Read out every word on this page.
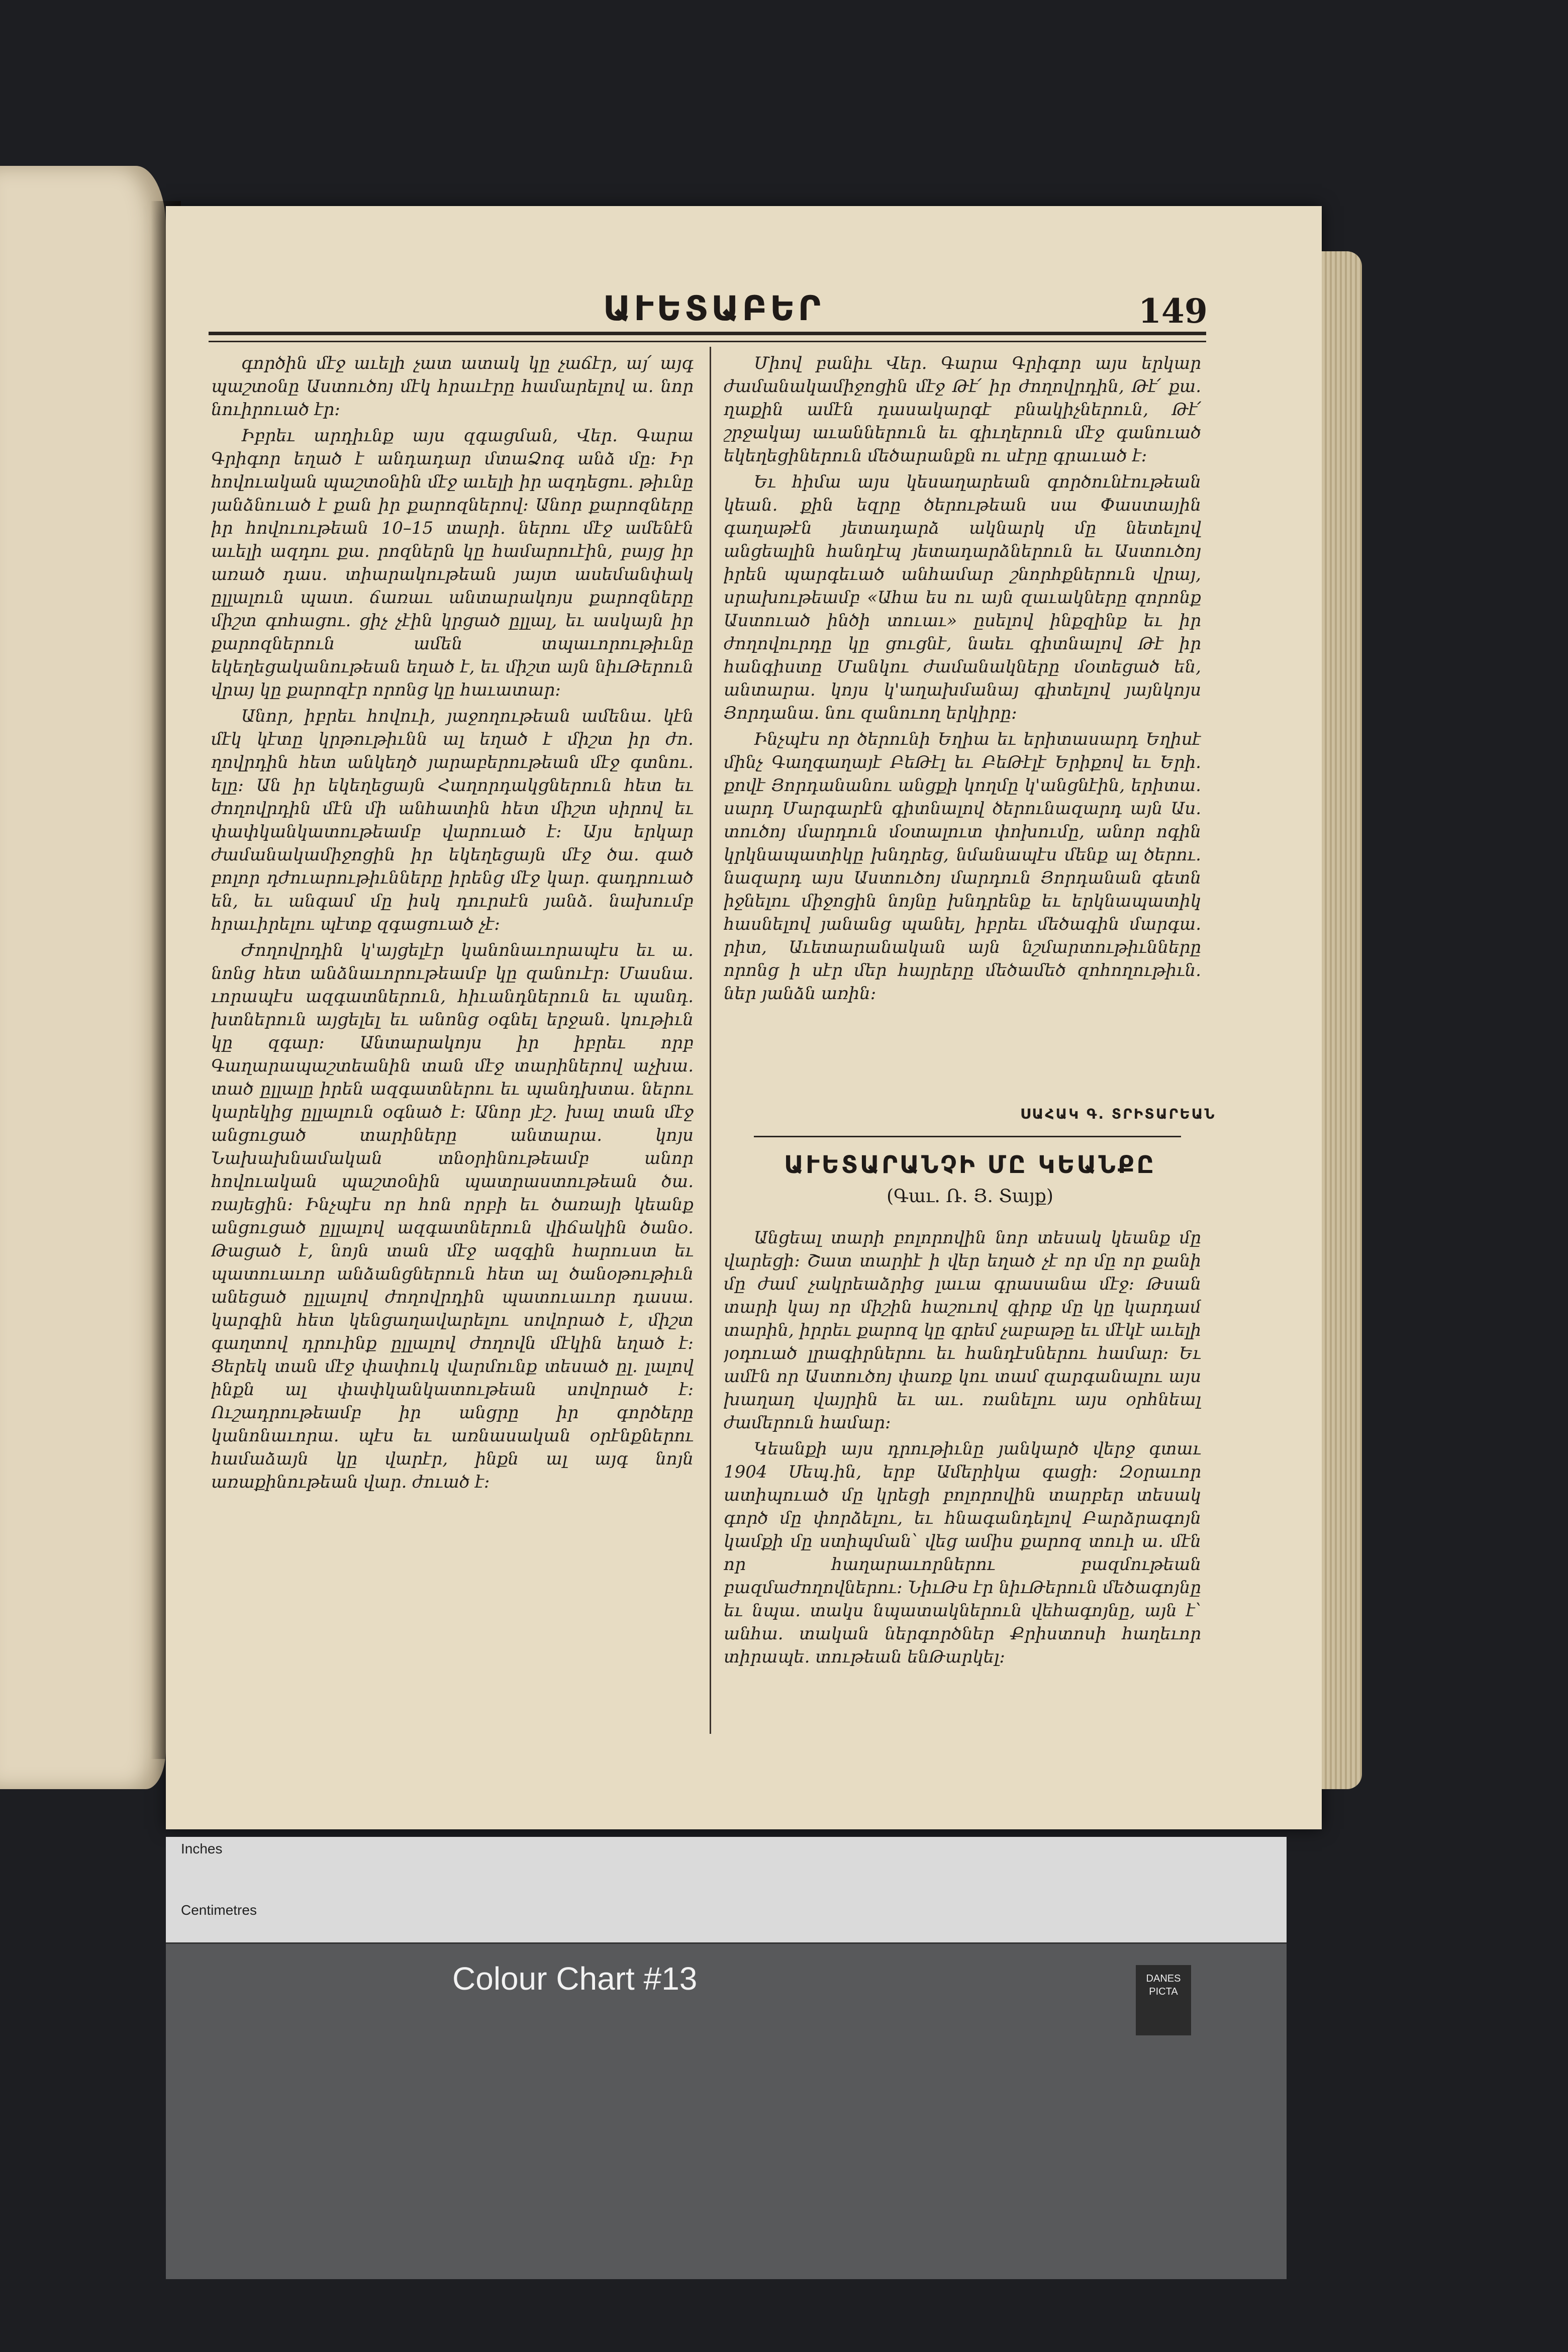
ԱՒԵՏԱԲԵՐ	149

գործին մէջ աւելի չատ ատակ կը չաճէր, այ՛ այգ պաշտօնը Աստուծոյ մէկ հրաւէրը համարելով ա. նոր նուիրուած էր։

Իբրեւ արդիւնք այս զգացման, Վեր. Գարա Գրիգոր եղած է անդադար մտաՁոգ անձ մը։ Իր հովուական պաշտօնին մէջ աւելի իր ազդեցու. թիւնը յանձնուած է քան իր քարոզներով։ Անոր քարոզները իր հովուութեան 10–15 տարի. ներու մէջ ամենէն աւելի ազդու քա. րոզներն կը համարուէին, բայց իր առած դաս. տիարակութեան յայտ ասեմանփակ ըլլալուն պատ. ճառաւ անտարակոյս քարոզները միշտ գոհացու. ցիչ չէին կրցած ըլլալ, եւ ասկայն իր քարոզներուն ամեն տպաւորութիւնը եկեղեցականութեան եղած է, եւ միշտ այն նիւԹերուն վրայ կը քարոզէր որոնց կը հաւատար։

Անոր, իբրեւ հովուի, յաջողութեան ամենա. կէն մէկ կէտը կրթութիւնն ալ եղած է միշտ իր ժո. ղովրդին հետ անկեղծ յարաբերութեան մէջ գտնու. ելը։ Ան իր եկեղեցայն Հաղորդակցներուն հետ եւ ժողովրդին մէն մի անհատին հետ միշտ սիրով եւ փափկանկատութեամբ վարուած է։ Այս երկար ժամանակամիջոցին իր եկեղեցայն մէջ ծա. գած բոլոր դժուարութիւնները իրենց մէջ կար. գադրուած են, եւ անգամ մը իսկ դուրսէն յանձ. նախումբ հրաւիրելու պէտք զգացուած չէ։

Ժողովրդին կ'այցելէր կանոնաւորապէս եւ ա. նոնց հետ անձնաւորութեամբ կը զանուէր։ Մասնա. ւորապէս ազգատներուն, հիւանդներուն եւ պանդ. խտներուն այցելել եւ անոնց օգնել երջան. կութիւն կը զգար։ Անտարակոյս իր իբրեւ որբ Գաղարապաշտեանին տան մէջ տարիներով աչխա. տած ըլլալը իրեն ազգատներու եւ պանդխտա. ներու կարեկից ըլլալուն օգնած է։ Անոր յէշ. խալ տան մէջ անցուցած տարիները անտարա. կոյս Նախախնամական տնօրինութեամբ անոր հովուական պաշտօնին պատրաստութեան ծա. ռայեցին։ Ինչպէս որ հոն որբի եւ ծառայի կեանք անցուցած ըլլալով ազգատներուն վիճակին ծանօ. Թացած է, նոյն տան մէջ ազգին հարուստ եւ պատուաւոր անձանցներուն հետ ալ ծանօթութիւն անեցած ըլլալով ժողովրդին պատուաւոր դասա. կարգին հետ կենցաղավարելու սովորած է, միշտ գաղտով դրուինք ըլլալով ժողովն մէկին եղած է։ Ցերեկ տան մէջ փափուկ վարմունք տեսած ըլ. լալով ինքն ալ փափկանկատութեան սովորած է։ Ուշադրութեամբ իր անցրը իր գործերը կանոնաւորա. պէս եւ առնասական օրէնքներու համաձայն կը վարէր, ինքն ալ այգ նոյն առաքինութեան վար. ժուած է։

Միով բանիւ Վեր. Գարա Գրիգոր այս երկար ժամանակամիջոցին մէջ Թէ՛ իր ժողովրդին, Թէ՛ քա. ղաքին ամէն դասակարգէ բնակիչներուն, Թէ՛ շրջակայ աւաններուն եւ գիւղերուն մէջ գանուած եկեղեցիներուն մեծարանքն ու սէրը գրաւած է։

Եւ հիմա այս կեսաղարեան գործունէութեան կեան. քին եզրը ծերութեան սա Փաստային գաղաթէն յետադարձ ակնարկ մը նետելով անցեալին հանդէպ յետադարձներուն եւ Աստուծոյ իրեն պարգեւած անհամար շնորհքներուն վրայ, սրախութեամբ «Ահա ես ու այն զաւակները զորոնք Աստուած ինծի տուաւ» ըսելով ինքզինք եւ իր ժողովուրդը կը ցուցնէ, նաեւ գիտնալով Թէ իր հանգիստը Մանկու ժամանակները մօտեցած են, անտարա. կոյս կ'աղախմանայ գիտելով յայնկոյս Յորդանա. նու զանուող երկիրը։

Ինչպէս որ ծերունի Եղիա եւ երիտասարդ Եղիսէ մինչ Գաղգաղայէ ԲեԹէլ եւ ԲեԹէլէ Երիքով եւ Երի. քովէ Յորդանանու անցքի կողմը կ'անցնէին, երիտա. սարդ Մարգարէն գիտնալով ծերունազարդ այն Աս. տուծոյ մարդուն մօտալուտ փոխումը, անոր ոգին կրկնապատիկը խնդրեց, նմանապէս մենք ալ ծերու. նազարդ այս Աստուծոյ մարդուն Յորդանան գետն իջնելու միջոցին նոյնը խնդրենք եւ երկնապատիկ հասնելով յանանց պանել, իբրեւ մեծագին մարգա. րիտ, Աւետարանական այն նշմարտութիւնները որոնց ի սէր մեր հայրերը մեծամեծ զոհողութիւն. ներ յանձն առին։

ՍԱՀԱԿ Գ. ՏՐԻՏԱՐԵԱՆ
ԱՒԵՏԱՐԱՆՉԻ ՄԸ ԿԵԱՆՔԸ
(Գաւ. Ռ. Յ. Տայք)

Անցեալ տարի բոլորովին նոր տեսակ կեանք մը վարեցի։ Շատ տարիէ ի վեր եղած չէ որ մը որ քանի մը ժամ չակրեաձրից լաւա գրասանա մէջ։ Թսան տարի կայ որ միշին հաշուով գիրք մը կը կարդամ տարին, իրրեւ քարոզ կը գրեմ չաբաթը եւ մէկէ աւելի յօդուած լրագիրներու եւ հանդէսներու համար։ Եւ ամէն որ Աստուծոյ փառք կու տամ զարգանալու այս խաղաղ վայրին եւ աւ. ռանելու այս օրհնեալ ժամերուն համար։

Կեանքի այս դրութիւնը յանկարծ վերջ գտաւ 1904 Սեպ.ին, երբ Ամերիկա գացի։ Զօրաւոր ատիպուած մը կրեցի բոլորովին տարբեր տեսակ գործ մը փորձելու, եւ հնագանդելով Բարձրագոյն կամքի մը ստիպման՝ վեց ամիս քարոզ տուի ա. մէն որ հաղարաւորներու բազմութեան բազմաժողովներու։ ՆիւԹս էր նիւԹերուն մեծագոյնը եւ նպա. տակս նպատակներուն վեհագոյնը, այն է՝ անհա. տական ներգործներ Քրիստոսի հաղեւոր տիրապե. տութեան ենԹարկել։

Inches
Centimetres
Colour Chart #13	DANES PICTA
